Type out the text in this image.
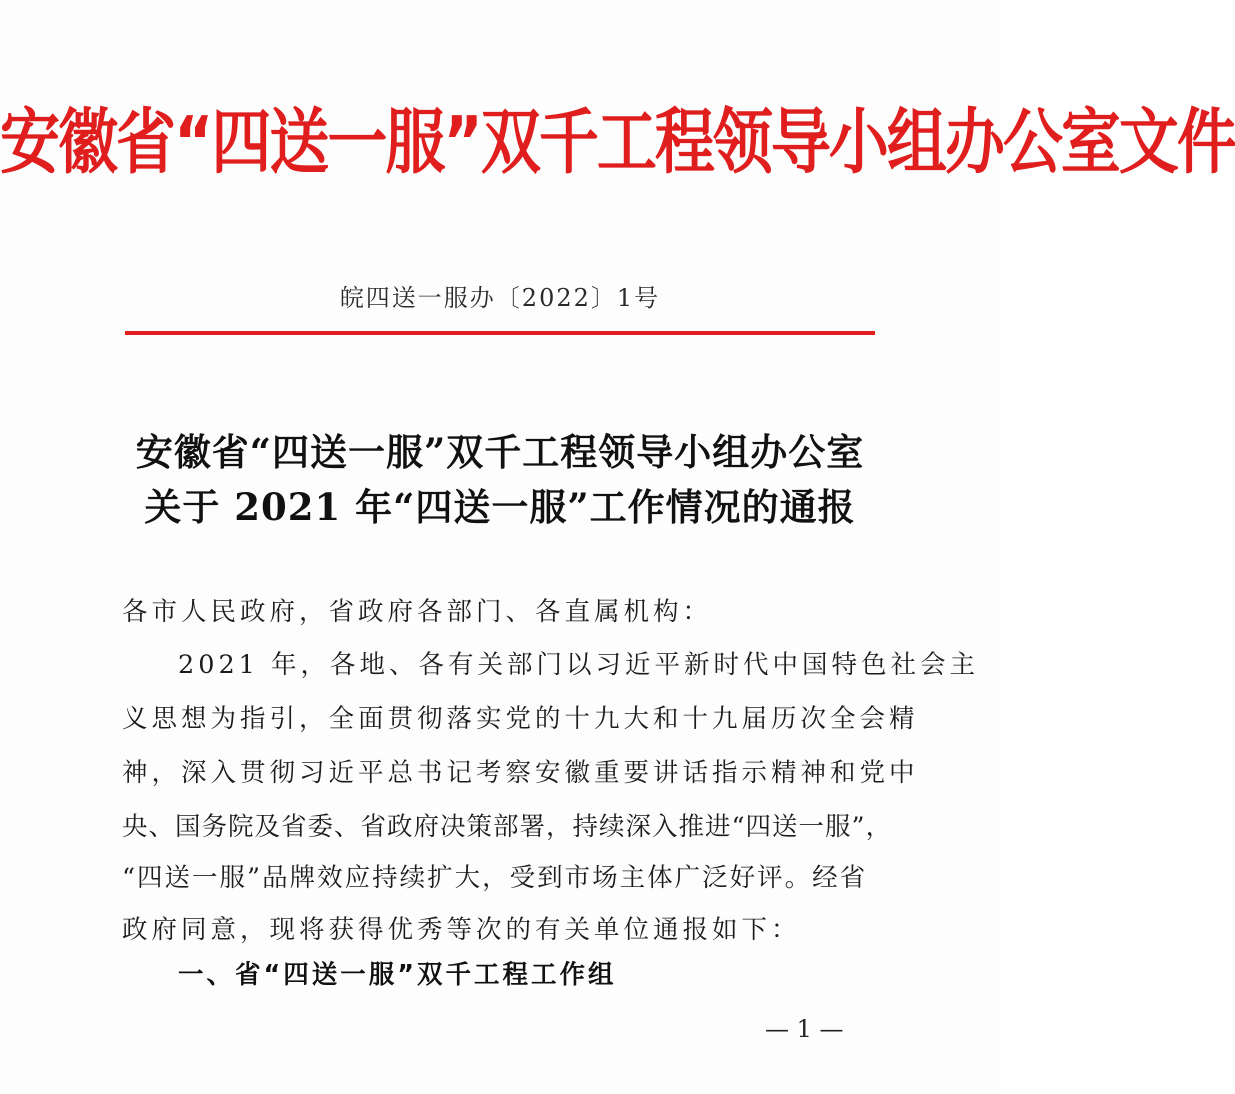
安徽省“四送一服”双千工程领导小组办公室文件
皖四送一服办〔2022〕1号
安徽省“四送一服”双千工程领导小组办公室
关于 2021 年“四送一服”工作情况的通报
各市人民政府，省政府各部门、各直属机构：
2021 年，各地、各有关部门以习近平新时代中国特色社会主
义思想为指引，全面贯彻落实党的十九大和十九届历次全会精
神，深入贯彻习近平总书记考察安徽重要讲话指示精神和党中
央、国务院及省委、省政府决策部署，持续深入推进“四送一服”，
“四送一服”品牌效应持续扩大，受到市场主体广泛好评。经省
政府同意，现将获得优秀等次的有关单位通报如下：
一、省“四送一服”双千工程工作组
— 1 —
